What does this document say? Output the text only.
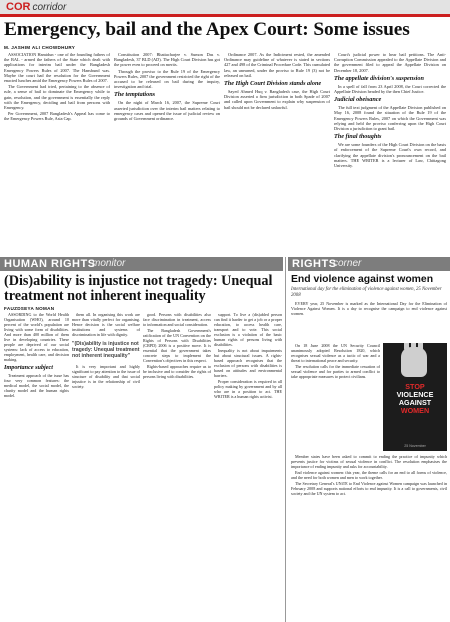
COR corridor
Emergency, bail and the Apex Court: Some issues
M. JASHIM ALI CHOWDHURY

ASSOCIATION Hamidun - one of the founding fathers of the BAL - armed the fathers of the State which dealt with applications for interim bail under the Bangladesh Emergency Powers Rules of 2007. The Hansbund was. Maybe the court had the resolution for the Government enacted lunches amid the Emergency Powers Rules of 2007.

The Government had tried, pertaining to the absence of rule, a sense of bail to dominate the Emergency while to gain, resolution, and the government is essentially the reply with the Emergency, deciding and bail from persons with Emergency.

Per Government, 2007 Bangladesh's Appeal has come to the Emergency Powers Rule, Asia Cap.

Constitution 2007: Bhattacharjee v. Sumon Das v. Bangladesh, 37 BLD (AD). The High Court Division has got the power even to proceed on merits.

Through the proviso to the Rule 19 of the Emergency Powers Rules, 2007 the government restricted the right of the accused to be released on bail during the inquiry, investigation and trial.

The temptations

On the night of March 16, 2007, the Supreme Court asserted jurisdiction over the interim bail matters relating to emergency cases and opened the issue of judicial review on grounds of Government ordinance.

Ordinance 2007. As the Indictment rested, the amended Ordinance may guideline of whatever is stated in sections 427 and 498 of the Criminal Procedure Code. This cumulated law, an unearned, under the proviso to Rule 19 (3) not be released on bail.

The High Court Division stands alone

Sayed Ahmed Huq v. Bangladesh case, the High Court Division asserted a firm jurisdiction in both Spade of 2007 and called upon Government to explain why suspension of bail should not be declared unlawful.

Court's judicial power to hear bail petitions. The Anti-Corruption Commission appealed to the Appellate Division and the government filed to appeal the Appellate Division on December 18, 2007.

The appellate division's suspension

In a spell of fall from 23 April 2008, the Court corrected the Appellate Division headed by the then Chief Justice.

Judicial obeisance

The full text judgment of the Appellate Division published on May 16, 2008 found the situation of the Rule 19 of the Emergency Powers Rules, 2007 on which the Government was relying and held the proviso conferring upon the High Court Division a jurisdiction to grant bail.

The final thoughts

We are some founders of the High Court Division on the basis of enforcement of the Supreme Court's own record, and clarifying the appellate division's pronouncement on the bail matters. THE WRITER is a lecturer of Law, Chittagong University.

HUMAN RIGHTS
monitor
(Dis)ability is injustice not tragedy: Unequal treatment not inherent inequality
FAUZDSEYA NOMAN

ASSORDING to the World Health Organisation (WHO), around 10 percent of the world's population are living with some form of disabilities. And more than 400 million of them live in developing countries. These people are deprived of our social systems: lack of access to education, employment, health care, and decision making.

Importance subject

Treatment approach of the issue has four very common features: the medical model, the social model, the charity model and the human rights model.

them all. In organising this work are more than vitally perfect for organising. Hence decision is the social welfare institutions and systems of discrimination in life with dignity.

"(Dis)ability is injustice not tragedy: Unequal treatment not inherent inequality"

It is very important and highly significant to pay attention to the issue of structure of disability and that social injustice is in the relationship of civil society.

good. Persons with disabilities also face discrimination in treatment, access to information and social consideration.

The Bangladesh Government's ratification of the UN Convention on the Rights of Persons with Disabilities (CRPD) 2006 is a positive move. It is essential that the government takes concrete steps to implement the Convention's objectives in this respect.

Rights-based approaches require us to be inclusive and to consider the rights of persons living with disabilities.

support. To live a (dis)abled person can find it harder to get a job or a proper education, to access health care, transport and to vote. This social exclusion is a violation of the basic human rights of persons living with disabilities.

Inequality is not about impairments but about structural issues. A rights-based approach recognises that the exclusion of persons with disabilities is based on attitudes and environmental barriers.

Proper consideration is required in all policy making by government and by all who are in a position to act. THE WRITER is a human rights activist.

RIGHTS
corner
End violence against women
International day for the elimination of violence against women, 25 November 2008

EVERY year, 25 November is marked as the International Day for the Elimination of Violence Against Women. It is a day to recognise the campaign to end violence against women.

On 18 June 2008 the UN Security Council unanimously adopted Resolution 1820, which recognises sexual violence as a tactic of war and a threat to international peace and security.

The resolution calls for the immediate cessation of sexual violence and for parties to armed conflict to take appropriate measures to protect civilians.

STOP
VIOLENCE
AGAINST
WOMEN
25 November

Member states have been asked to commit to ending the practice of impunity which prevents justice for victims of sexual violence in conflict. The resolution emphasises the importance of ending impunity and asks for accountability.

End violence against women: this year, the theme calls for an end to all forms of violence, and the need for both women and men to work together.

The Secretary General's UNiTE to End Violence against Women campaign was launched in February 2008 and supports national efforts to end impunity. It is a call to governments, civil society and the UN system to act.
